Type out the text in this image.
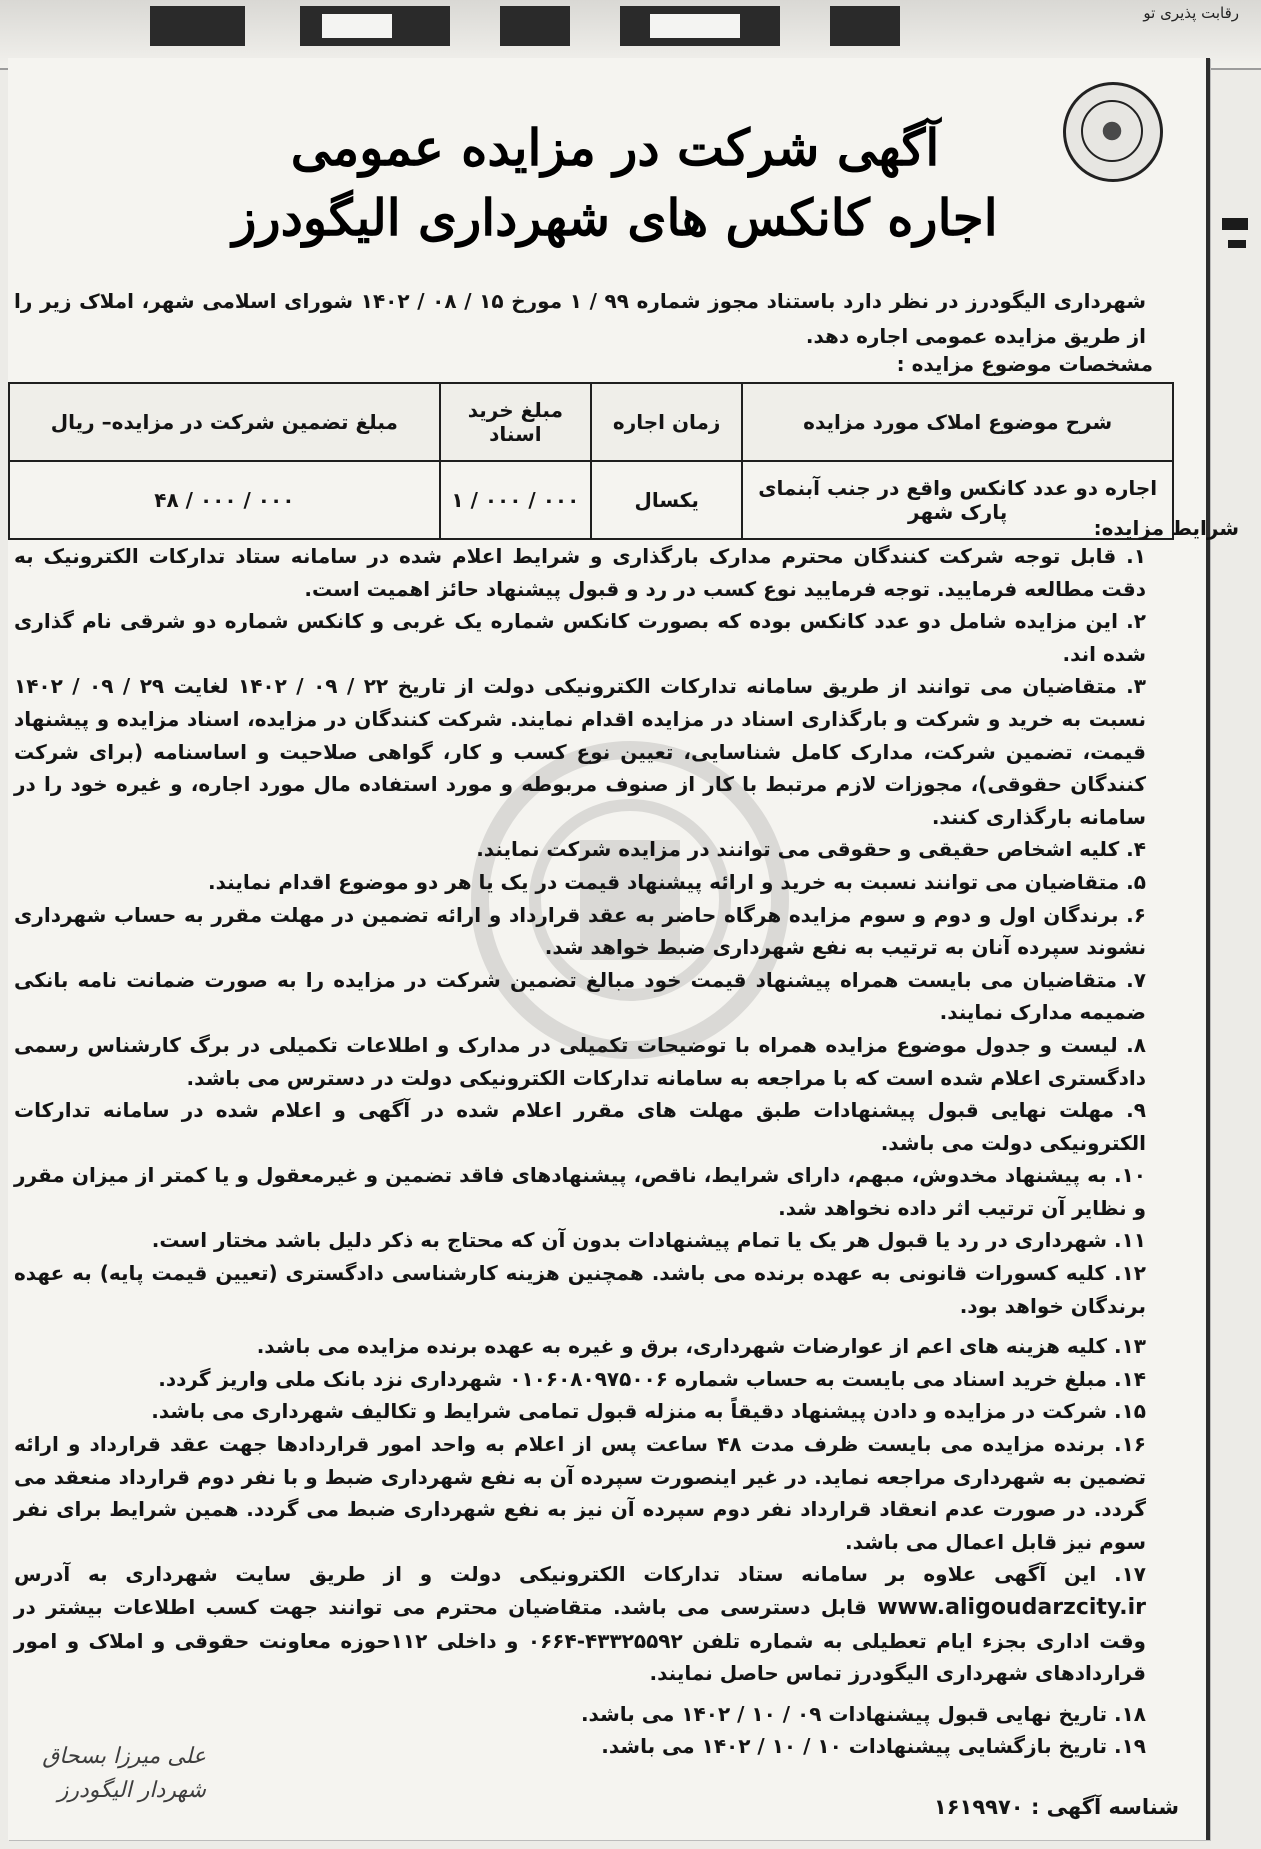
رقابت پذیری تو
آگهی شرکت در مزایده عمومی
اجاره کانکس های شهرداری الیگودرز
شهرداری الیگودرز در نظر دارد باستناد مجوز شماره ۹۹ / ۱ مورخ ۱۵ / ۰۸ / ۱۴۰۲ شورای اسلامی شهر، املاک زیر را از طریق مزایده عمومی اجاره دهد.
مشخصات موضوع مزایده :
شرح موضوع املاک مورد مزایده	زمان اجاره	مبلغ خرید اسناد	مبلغ تضمین شرکت در مزایده– ریال
اجاره دو عدد کانکس واقع در جنب آبنمای پارک شهر	یکسال	۰۰۰ / ۰۰۰ / ۱	۰۰۰ / ۰۰۰ / ۴۸
شرایط مزایده:

۱. قابل توجه شرکت کنندگان محترم مدارک بارگذاری و شرایط اعلام شده در سامانه ستاد تدارکات الکترونیک به دقت مطالعه فرمایید. توجه فرمایید نوع کسب در رد و قبول پیشنهاد حائز اهمیت است.

۲. این مزایده شامل دو عدد کانکس بوده که بصورت کانکس شماره یک غربی و کانکس شماره دو شرقی نام گذاری شده اند.

۳. متقاضیان می توانند از طریق سامانه تدارکات الکترونیکی دولت از تاریخ ۲۲ / ۰۹ / ۱۴۰۲ لغایت ۲۹ / ۰۹ / ۱۴۰۲ نسبت به خرید و شرکت و بارگذاری اسناد در مزایده اقدام نمایند. شرکت کنندگان در مزایده، اسناد مزایده و پیشنهاد قیمت، تضمین شرکت، مدارک کامل شناسایی، تعیین نوع کسب و کار، گواهی صلاحیت و اساسنامه (برای شرکت کنندگان حقوقی)، مجوزات لازم مرتبط با کار از صنوف مربوطه و مورد استفاده مال مورد اجاره، و غیره خود را در سامانه بارگذاری کنند.

۴. کلیه اشخاص حقیقی و حقوقی می توانند در مزایده شرکت نمایند.

۵. متقاضیان می توانند نسبت به خرید و ارائه پیشنهاد قیمت در یک یا هر دو موضوع اقدام نمایند.

۶. برندگان اول و دوم و سوم مزایده هرگاه حاضر به عقد قرارداد و ارائه تضمین در مهلت مقرر به حساب شهرداری نشوند سپرده آنان به ترتیب به نفع شهرداری ضبط خواهد شد.

۷. متقاضیان می بایست همراه پیشنهاد قیمت خود مبالغ تضمین شرکت در مزایده را به صورت ضمانت نامه بانکی ضمیمه مدارک نمایند.

۸. لیست و جدول موضوع مزایده همراه با توضیحات تکمیلی در مدارک و اطلاعات تکمیلی در برگ کارشناس رسمی دادگستری اعلام شده است که با مراجعه به سامانه تدارکات الکترونیکی دولت در دسترس می باشد.

۹. مهلت نهایی قبول پیشنهادات طبق مهلت های مقرر اعلام شده در آگهی و اعلام شده در سامانه تدارکات الکترونیکی دولت می باشد.

۱۰. به پیشنهاد مخدوش، مبهم، دارای شرایط، ناقص، پیشنهادهای فاقد تضمین و غیرمعقول و یا کمتر از میزان مقرر و نظایر آن ترتیب اثر داده نخواهد شد.

۱۱. شهرداری در رد یا قبول هر یک یا تمام پیشنهادات بدون آن که محتاج به ذکر دلیل باشد مختار است.

۱۲. کلیه کسورات قانونی به عهده برنده می باشد. همچنین هزینه کارشناسی دادگستری (تعیین قیمت پایه) به عهده برندگان خواهد بود.

۱۳. کلیه هزینه های اعم از عوارضات شهرداری، برق و غیره به عهده برنده مزایده می باشد.

۱۴. مبلغ خرید اسناد می بایست به حساب شماره ۰۱۰۶۰۸۰۹۷۵۰۰۶ شهرداری نزد بانک ملی واریز گردد.

۱۵. شرکت در مزایده و دادن پیشنهاد دقیقاً به منزله قبول تمامی شرایط و تکالیف شهرداری می باشد.

۱۶. برنده مزایده می بایست ظرف مدت ۴۸ ساعت پس از اعلام به واحد امور قراردادها جهت عقد قرارداد و ارائه تضمین به شهرداری مراجعه نماید. در غیر اینصورت سپرده آن به نفع شهرداری ضبط و با نفر دوم قرارداد منعقد می گردد. در صورت عدم انعقاد قرارداد نفر دوم سپرده آن نیز به نفع شهرداری ضبط می گردد. همین شرایط برای نفر سوم نیز قابل اعمال می باشد.

۱۷. این آگهی علاوه بر سامانه ستاد تدارکات الکترونیکی دولت و از طریق سایت شهرداری به آدرس www.aligoudarzcity.ir قابل دسترسی می باشد. متقاضیان محترم می توانند جهت کسب اطلاعات بیشتر در وقت اداری بجزء ایام تعطیلی به شماره تلفن ۴۳۳۲۵۵۹۲-۰۶۶۴ و داخلی ۱۱۲حوزه معاونت حقوقی و املاک و امور قراردادهای شهرداری الیگودرز تماس حاصل نمایند.

۱۸. تاریخ نهایی قبول پیشنهادات ۰۹ / ۱۰ / ۱۴۰۲ می باشد.

۱۹. تاریخ بازگشایی پیشنهادات ۱۰ / ۱۰ / ۱۴۰۲ می باشد.

علی میرزا بسحاق
شهردار الیگودرز
شناسه آگهی : ۱۶۱۹۹۷۰
